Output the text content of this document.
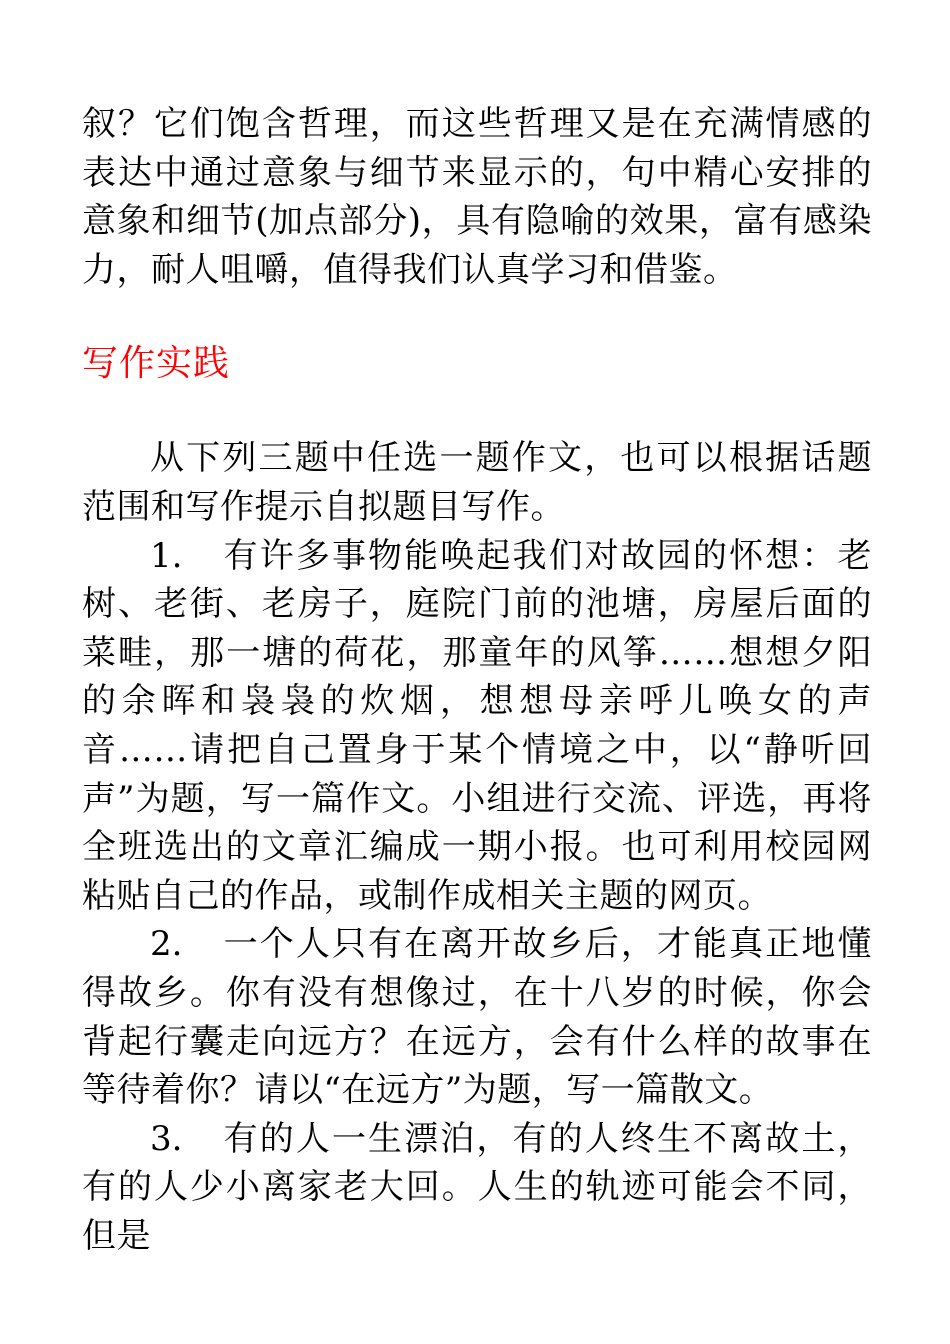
叙？它们饱含哲理，而这些哲理又是在充满情感的表达中通过意象与细节来显示的，句中精心安排的意象和细节(加点部分)，具有隐喻的效果，富有感染力，耐人咀嚼，值得我们认真学习和借鉴。

写作实践

从下列三题中任选一题作文，也可以根据话题范围和写作提示自拟题目写作。

1. 有许多事物能唤起我们对故园的怀想：老树、老街、老房子，庭院门前的池塘，房屋后面的菜畦，那一塘的荷花，那童年的风筝……想想夕阳的余晖和袅袅的炊烟，想想母亲呼儿唤女的声音……请把自己置身于某个情境之中，以“静听回声”为题，写一篇作文。小组进行交流、评选，再将全班选出的文章汇编成一期小报。也可利用校园网粘贴自己的作品，或制作成相关主题的网页。

2. 一个人只有在离开故乡后，才能真正地懂得故乡。你有没有想像过，在十八岁的时候，你会背起行囊走向远方？在远方，会有什么样的故事在等待着你？请以“在远方”为题，写一篇散文。

3. 有的人一生漂泊，有的人终生不离故土，有的人少小离家老大回。人生的轨迹可能会不同，但是
